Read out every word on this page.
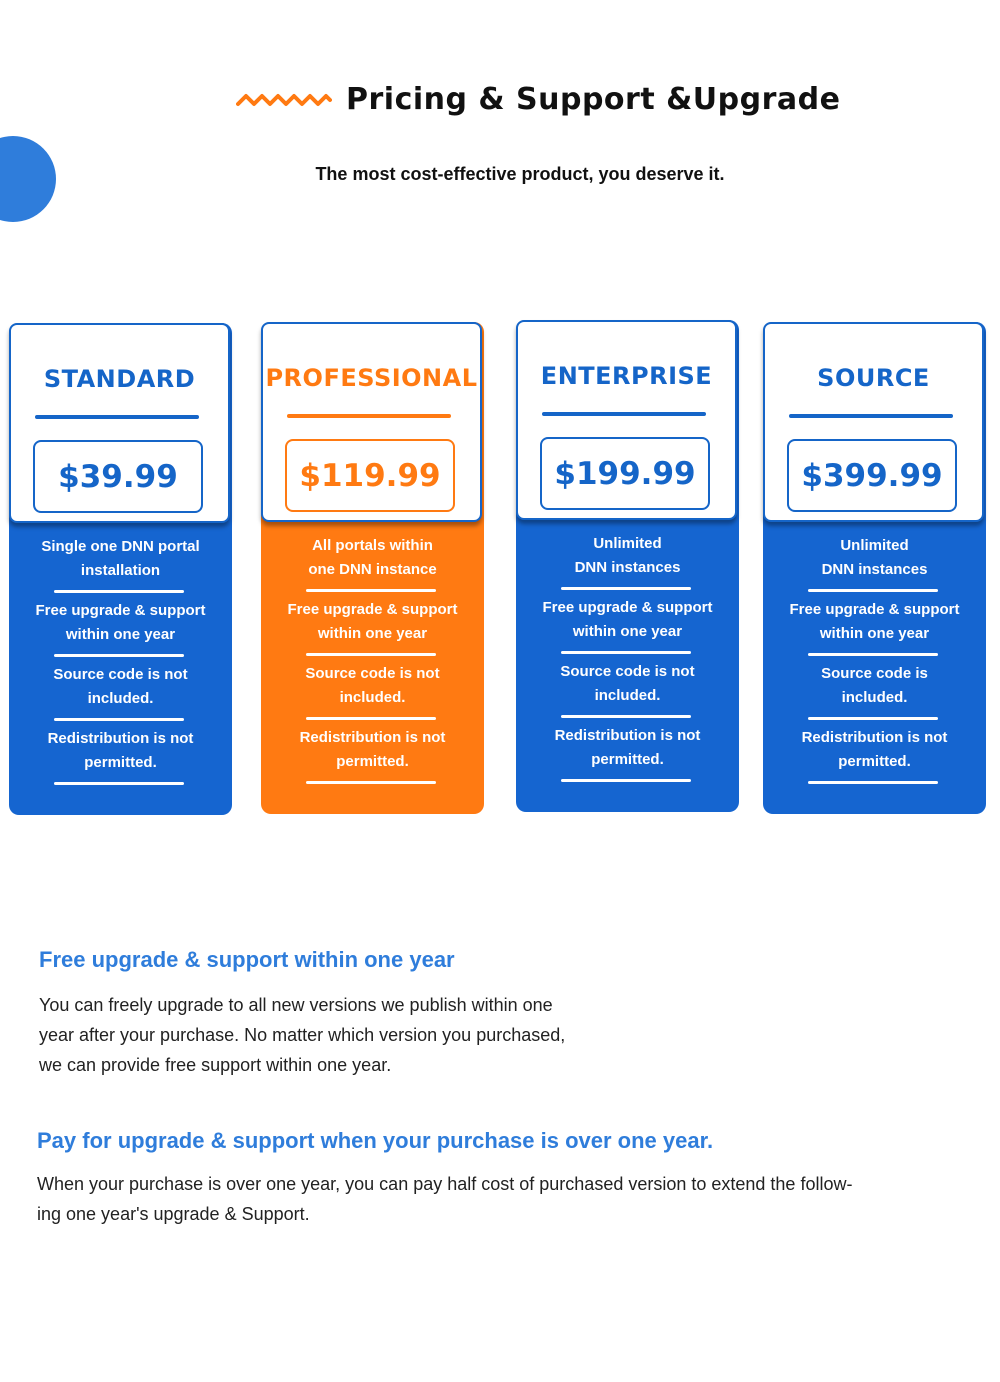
Pricing & Support &Upgrade
The most cost-effective product, you deserve it.
STANDARD
$39.99
Single one DNN portal
installation
Free upgrade & support
within one year
Source code is not
included.
Redistribution is not
permitted.
PROFESSIONAL
$119.99
All portals within
one DNN instance
Free upgrade & support
within one year
Source code is not
included.
Redistribution is not
permitted.
ENTERPRISE
$199.99
Unlimited
DNN instances
Free upgrade & support
within one year
Source code is not
included.
Redistribution is not
permitted.
SOURCE
$399.99
Unlimited
DNN instances
Free upgrade & support
within one year
Source code is
included.
Redistribution is not
permitted.
Free upgrade & support within one year
You can freely upgrade to all new versions we publish within one
year after your purchase. No matter which version you purchased,
we can provide free support within one year.
Pay for upgrade & support when your purchase is over one year.
When your purchase is over one year, you can pay half cost of purchased version to extend the follow-
ing one year's upgrade & Support.
